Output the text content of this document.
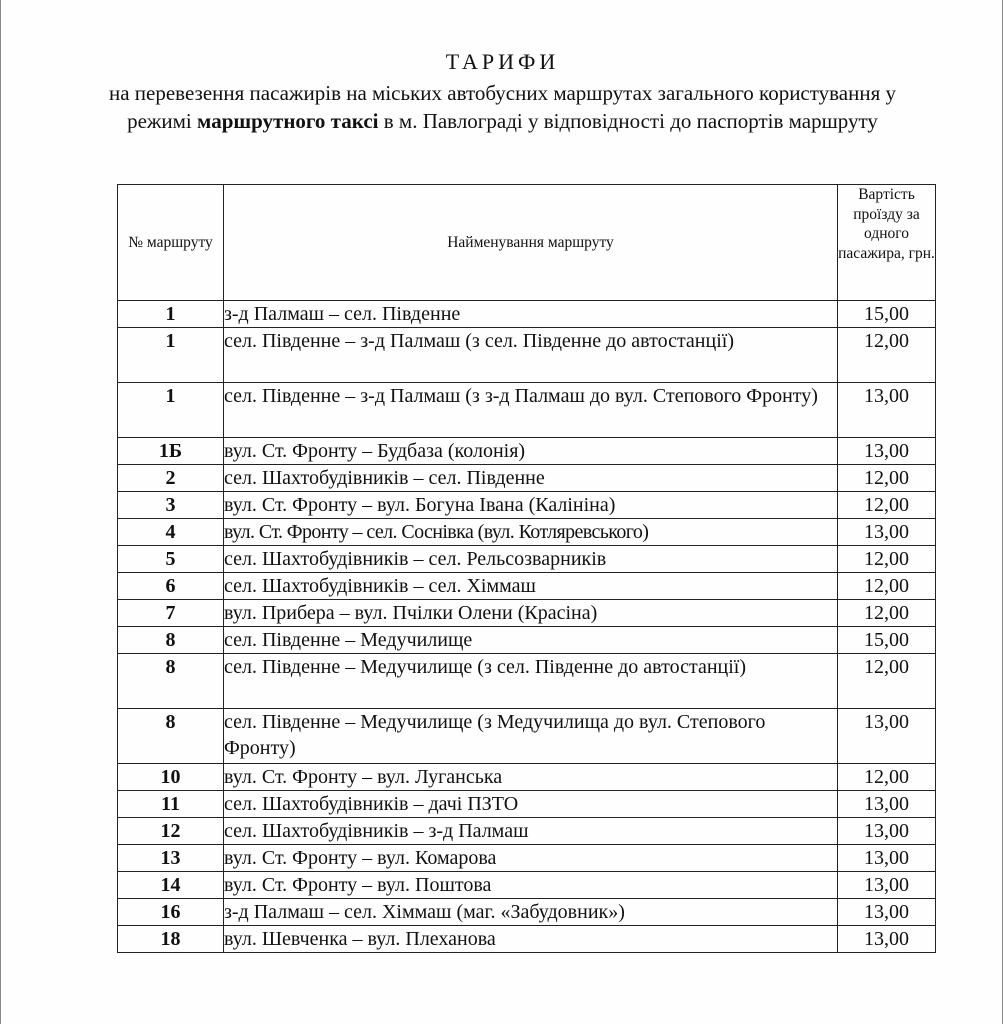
ТАРИФИ
на перевезення пасажирів на міських автобусних маршрутах загального користування у режимі маршрутного таксі в м. Павлограді у відповідності до паспортів маршруту
№ маршруту	Найменування маршруту	Вартість проїзду за одного пасажира, грн.
1	з-д Палмаш – сел. Південне	15,00
1	сел. Південне – з-д Палмаш (з сел. Південне до автостанції)	12,00
1	сел. Південне – з-д Палмаш (з з-д Палмаш до вул. Степового Фронту)	13,00
1Б	вул. Ст. Фронту – Будбаза (колонія)	13,00
2	сел. Шахтобудівників – сел. Південне	12,00
3	вул. Ст. Фронту – вул. Богуна Івана (Калініна)	12,00
4	вул. Ст. Фронту – сел. Соснівка (вул. Котляревського)	13,00
5	сел. Шахтобудівників – сел. Рельсозварників	12,00
6	сел. Шахтобудівників – сел. Хіммаш	12,00
7	вул. Прибера – вул. Пчілки Олени (Красіна)	12,00
8	сел. Південне – Медучилище	15,00
8	сел. Південне – Медучилище (з сел. Південне до автостанції)	12,00
8	сел. Південне – Медучилище (з Медучилища до вул. Степового Фронту)	13,00
10	вул. Ст. Фронту – вул. Луганська	12,00
11	сел. Шахтобудівників – дачі ПЗТО	13,00
12	сел. Шахтобудівників – з-д Палмаш	13,00
13	вул. Ст. Фронту – вул. Комарова	13,00
14	вул. Ст. Фронту – вул. Поштова	13,00
16	з-д Палмаш – сел. Хіммаш (маг. «Забудовник»)	13,00
18	вул. Шевченка – вул. Плеханова	13,00
